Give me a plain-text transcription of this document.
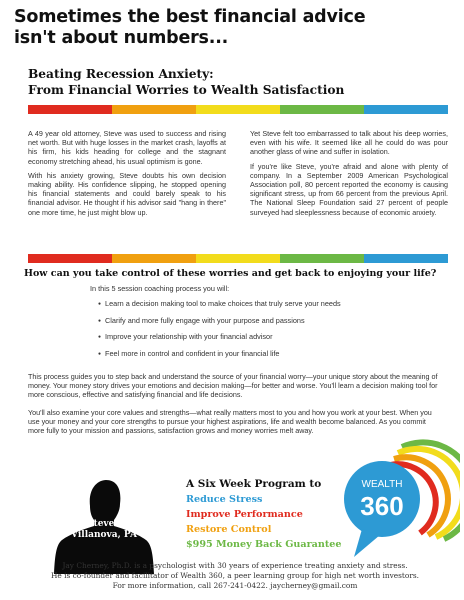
Sometimes the best financial advice
isn't about numbers...
Beating Recession Anxiety:
From Financial Worries to Wealth Satisfaction

A 49 year old attorney, Steve was used to success and rising net worth. But with huge losses in the market crash, layoffs at his firm, his kids heading for college and the stagnant economy stretching ahead, his usual optimism is gone.

With his anxiety growing, Steve doubts his own decision making ability. His confidence slipping, he stopped opening his financial statements and could barely speak to his financial advisor. He thought if his advisor said "hang in there" one more time, he just might blow up.

Yet Steve felt too embarrassed to talk about his deep worries, even with his wife. It seemed like all he could do was pour another glass of wine and suffer in isolation.

If you're like Steve, you're afraid and alone with plenty of company. In a September 2009 American Psychological Association poll, 80 percent reported the economy is causing significant stress, up from 66 percent from the previous April. The National Sleep Foundation said 27 percent of people surveyed had sleeplessness because of economic anxiety.

How can you take control of these worries and get back to enjoying your life?
In this 5 session coaching process you will:
● Learn a decision making tool to make choices that truly serve your needs
● Clarify and more fully engage with your purpose and passions
● Improve your relationship with your financial advisor
● Feel more in control and confident in your financial life
This process guides you to step back and understand the source of your financial worry—your unique story about the meaning of money. Your money story drives your emotions and decision making—for better and worse. You'll learn a decision making tool for more conscious, effective and satisfying financial and life decisions.
You'll also examine your core values and strengths—what really matters most to you and how you work at your best. When you use your money and your core strengths to pursue your highest aspirations, life and wealth become balanced. As you commit more fully to your mission and passions, satisfaction grows and money worries melt away.
"Steven"
Villanova, PA
A Six Week Program to
Reduce Stress
Improve Performance
Restore Control
$995 Money Back Guarantee
WEALTH
360
Jay Cherney, Ph.D. is a psychologist with 30 years of experience treating anxiety and stress.
He is co-founder and facilitator of Wealth 360, a peer learning group for high net worth investors.
For more information, call 267-241-0422. jaycherney@gmail.com
